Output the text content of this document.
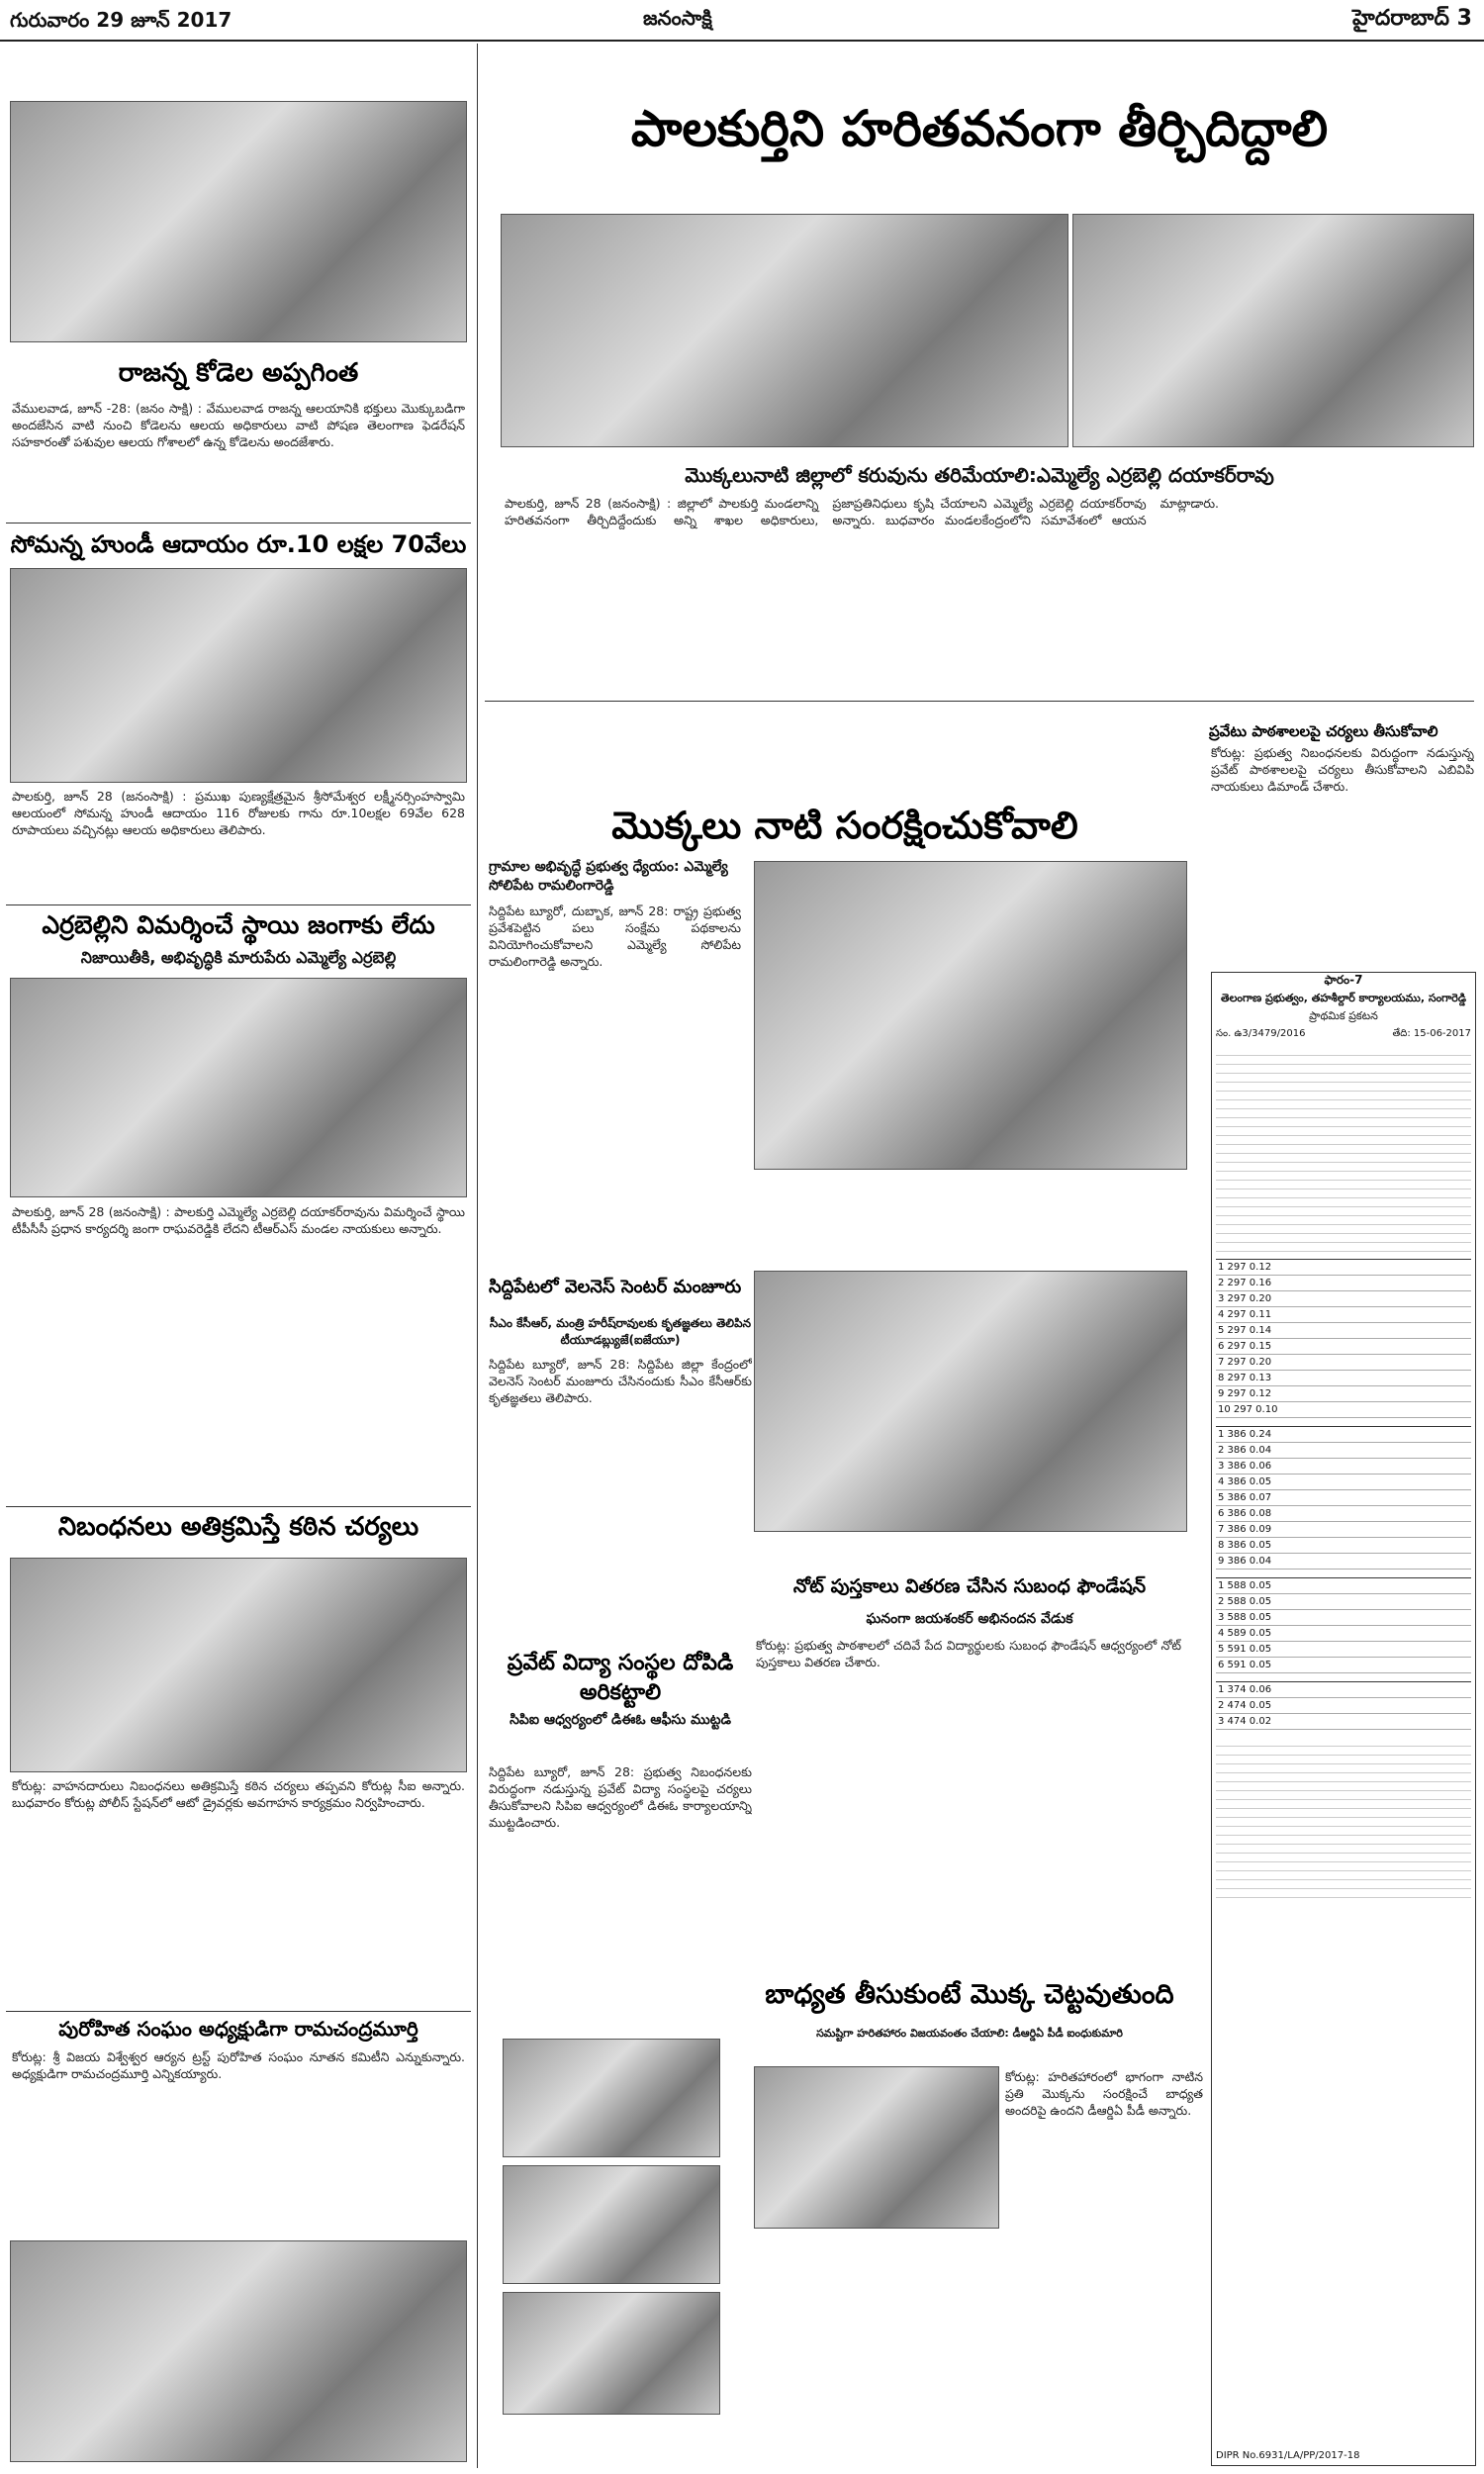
గురువారం 29 జూన్ 2017	జనంసాక్షి	హైదరాబాద్ 3
రాజన్న కోడెల అప్పగింత
వేములవాడ, జూన్ -28: (జనం సాక్షి) : వేములవాడ రాజన్న ఆలయానికి భక్తులు మొక్కుబడిగా అందజేసిన వాటి నుంచి కోడెలను ఆలయ అధికారులు వాటి పోషణ తెలంగాణ ఫెడరేషన్ సహకారంతో పశువుల ఆలయ గోశాలలో ఉన్న కోడెలను అందజేశారు.
సోమన్న హుండీ ఆదాయం రూ.10 లక్షల 70వేలు
పాలకుర్తి, జూన్ 28 (జనంసాక్షి) : ప్రముఖ పుణ్యక్షేత్రమైన శ్రీసోమేశ్వర లక్ష్మీనర్సింహస్వామి ఆలయంలో సోమన్న హుండీ ఆదాయం 116 రోజులకు గాను రూ.10లక్షల 69వేల 628 రూపాయలు వచ్చినట్లు ఆలయ అధికారులు తెలిపారు.
ఎర్రబెల్లిని విమర్శించే స్థాయి జంగాకు లేదు
నిజాయితీకి, అభివృద్ధికి మారుపేరు ఎమ్మెల్యే ఎర్రబెల్లి
పాలకుర్తి, జూన్ 28 (జనంసాక్షి) : పాలకుర్తి ఎమ్మెల్యే ఎర్రబెల్లి దయాకర్‌రావును విమర్శించే స్థాయి టీపీసీసీ ప్రధాన కార్యదర్శి జంగా రాఘవరెడ్డికి లేదని టీఆర్ఎస్ మండల నాయకులు అన్నారు.
నిబంధనలు అతిక్రమిస్తే కఠిన చర్యలు
కోరుట్ల: వాహనదారులు నిబంధనలు అతిక్రమిస్తే కఠిన చర్యలు తప్పవని కోరుట్ల సీఐ అన్నారు. బుధవారం కోరుట్ల పోలీస్ స్టేషన్‌లో ఆటో డ్రైవర్లకు అవగాహన కార్యక్రమం నిర్వహించారు.
పురోహిత సంఘం అధ్యక్షుడిగా రామచంద్రమూర్తి
కోరుట్ల: శ్రీ విజయ విశ్వేశ్వర ఆర్యన ట్రస్ట్ పురోహిత సంఘం నూతన కమిటీని ఎన్నుకున్నారు. అధ్యక్షుడిగా రామచంద్రమూర్తి ఎన్నికయ్యారు.
పాలకుర్తిని హరితవనంగా తీర్చిదిద్దాలి
మొక్కలునాటి జిల్లాలో కరువును తరిమేయాలి:ఎమ్మెల్యే ఎర్రబెల్లి దయాకర్‌రావు
పాలకుర్తి, జూన్ 28 (జనంసాక్షి) : జిల్లాలో పాలకుర్తి మండలాన్ని హరితవనంగా తీర్చిదిద్దేందుకు అన్ని శాఖల అధికారులు, ప్రజాప్రతినిధులు కృషి చేయాలని ఎమ్మెల్యే ఎర్రబెల్లి దయాకర్‌రావు అన్నారు. బుధవారం మండలకేంద్రంలోని సమావేశంలో ఆయన మాట్లాడారు.
మొక్కలు నాటి సంరక్షించుకోవాలి
గ్రామాల అభివృద్ధే ప్రభుత్వ ధ్యేయం: ఎమ్మెల్యే సోలిపేట రామలింగారెడ్డి
సిద్దిపేట బ్యూరో, దుబ్బాక, జూన్ 28: రాష్ట్ర ప్రభుత్వ ప్రవేశపెట్టిన పలు సంక్షేమ పథకాలను వినియోగించుకోవాలని ఎమ్మెల్యే సోలిపేట రామలింగారెడ్డి అన్నారు.
సిద్దిపేటలో వెలనెస్ సెంటర్ మంజూరు
సీఎం కేసీఆర్, మంత్రి హరీష్‌రావులకు కృతజ్ఞతలు తెలిపిన టీయూడబ్ల్యుజే(ఐజేయూ)
సిద్దిపేట బ్యూరో, జూన్ 28: సిద్దిపేట జిల్లా కేంద్రంలో వెలనెస్ సెంటర్ మంజూరు చేసినందుకు సీఎం కేసీఆర్‌కు కృతజ్ఞతలు తెలిపారు.
ప్రవేట్ విద్యా సంస్థల దోపిడి అరికట్టాలి
సిపిఐ ఆధ్వర్యంలో డిఈఓ ఆఫీసు ముట్టడి
సిద్దిపేట బ్యూరో, జూన్ 28: ప్రభుత్వ నిబంధనలకు విరుద్ధంగా నడుస్తున్న ప్రవేట్ విద్యా సంస్థలపై చర్యలు తీసుకోవాలని సిపిఐ ఆధ్వర్యంలో డిఈఓ కార్యాలయాన్ని ముట్టడించారు.
నోట్ పుస్తకాలు వితరణ చేసిన సుబంధ ఫౌండేషన్
ఘనంగా జయశంకర్ అభినందన వేడుక
కోరుట్ల: ప్రభుత్వ పాఠశాలలో చదివే పేద విద్యార్థులకు సుబంధ ఫౌండేషన్ ఆధ్వర్యంలో నోట్ పుస్తకాలు వితరణ చేశారు.
బాధ్యత తీసుకుంటే మొక్క చెట్టవుతుంది
సమష్టిగా హరితహారం విజయవంతం చేయాలి: డీఆర్డిఏ పీడీ ఐంధుకుమారి
కోరుట్ల: హరితహారంలో భాగంగా నాటిన ప్రతి మొక్కను సంరక్షించే బాధ్యత అందరిపై ఉందని డీఆర్డిఏ పీడీ అన్నారు.
ప్రవేటు పాఠశాలలపై చర్యలు తీసుకోవాలి
కోరుట్ల: ప్రభుత్వ నిబంధనలకు విరుద్ధంగా నడుస్తున్న ప్రవేట్ పాఠశాలలపై చర్యలు తీసుకోవాలని ఎబివిపి నాయకులు డిమాండ్ చేశారు.
ఫారం-7
తెలంగాణ ప్రభుత్వం, తహశీల్దార్ కార్యాలయము, సంగారెడ్డి
ప్రాథమిక ప్రకటన
సం. ఉ3/3479/2016	తేది: 15-06-2017
1 297 0.12
2 297 0.16
3 297 0.20
4 297 0.11
5 297 0.14
6 297 0.15
7 297 0.20
8 297 0.13
9 297 0.12
10 297 0.10
1 386 0.24
2 386 0.04
3 386 0.06
4 386 0.05
5 386 0.07
6 386 0.08
7 386 0.09
8 386 0.05
9 386 0.04
1 588 0.05
2 588 0.05
3 588 0.05
4 589 0.05
5 591 0.05
6 591 0.05
1 374 0.06
2 474 0.05
3 474 0.02
DIPR No.6931/LA/PP/2017-18
